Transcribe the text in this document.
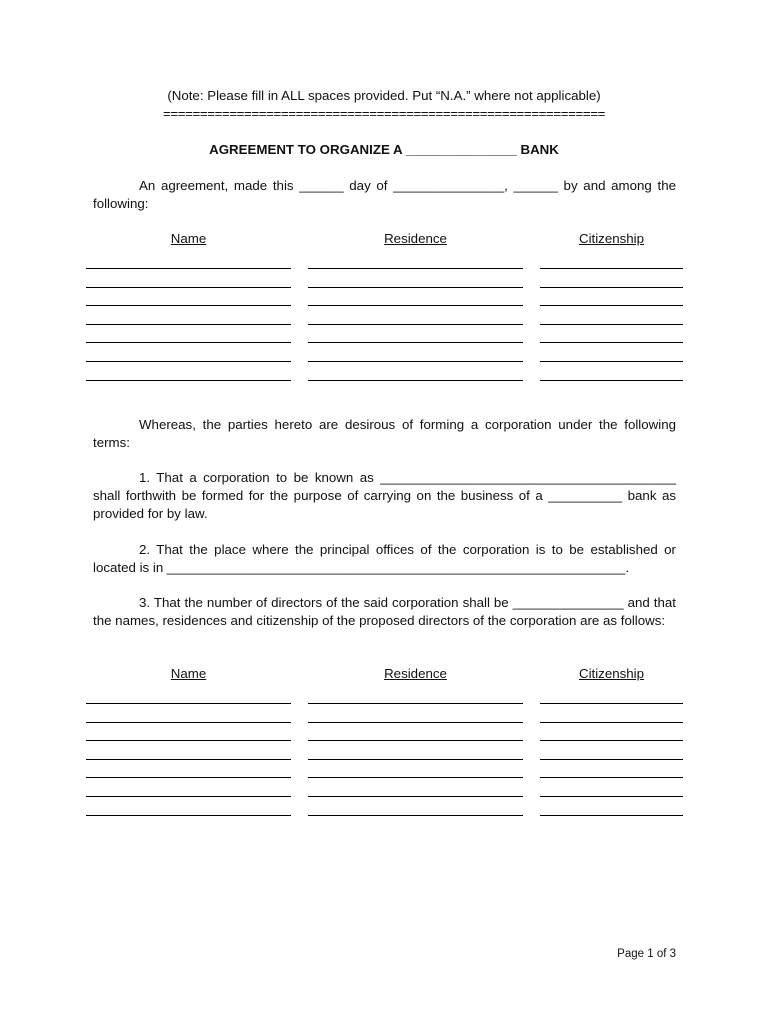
(Note: Please fill in ALL spaces provided. Put “N.A.” where not applicable)
============================================================
AGREEMENT TO ORGANIZE A _______________ BANK
An agreement, made this ______ day of _______________, ______ by and among the following:
Name	Residence	Citizenship
Whereas, the parties hereto are desirous of forming a corporation under the following terms:
1. That a corporation to be known as ________________________________________ shall forthwith be formed for the purpose of carrying on the business of a __________ bank as provided for by law.
2. That the place where the principal offices of the corporation is to be established or located is in ______________________________________________________________.
3. That the number of directors of the said corporation shall be _______________ and that the names, residences and citizenship of the proposed directors of the corporation are as follows:
Name	Residence	Citizenship
Page 1 of 3
